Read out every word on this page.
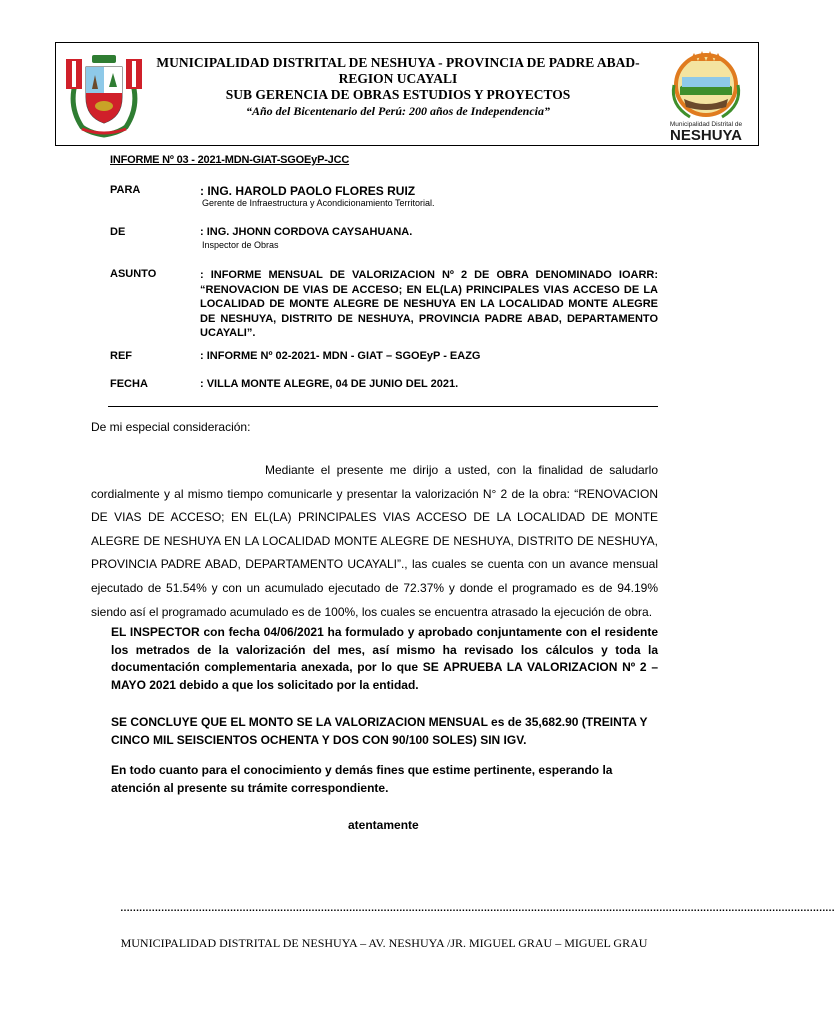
MUNICIPALIDAD DISTRITAL DE NESHUYA - PROVINCIA DE PADRE ABAD-
REGION UCAYALI
SUB GERENCIA DE OBRAS ESTUDIOS Y PROYECTOS
“Año del Bicentenario del Perú: 200 años de Independencia”
Municipalidad Distrital de
NESHUYA
INFORME Nº 03 - 2021-MDN-GIAT-SGOEyP-JCC
PARA	: ING. HAROLD PAOLO FLORES RUIZ
Gerente de Infraestructura y Acondicionamiento Territorial.
DE	: ING. JHONN CORDOVA CAYSAHUANA.
Inspector de Obras
ASUNTO	: INFORME MENSUAL DE VALORIZACION Nº 2 DE OBRA DENOMINADO IOARR: “RENOVACION DE VIAS DE ACCESO; EN EL(LA) PRINCIPALES VIAS ACCESO DE LA LOCALIDAD DE MONTE ALEGRE DE NESHUYA EN LA LOCALIDAD MONTE ALEGRE DE NESHUYA, DISTRITO DE NESHUYA, PROVINCIA PADRE ABAD, DEPARTAMENTO UCAYALI”.
REF	: INFORME Nº 02-2021- MDN - GIAT – SGOEyP - EAZG
FECHA	: VILLA MONTE ALEGRE, 04 DE JUNIO DEL 2021.
De mi especial consideración:
Mediante el presente me dirijo a usted, con la finalidad de saludarlo cordialmente y al mismo tiempo comunicarle y presentar la valorización N° 2 de la obra: “RENOVACION DE VIAS DE ACCESO; EN EL(LA) PRINCIPALES VIAS ACCESO DE LA LOCALIDAD DE MONTE ALEGRE DE NESHUYA EN LA LOCALIDAD MONTE ALEGRE DE NESHUYA, DISTRITO DE NESHUYA, PROVINCIA PADRE ABAD, DEPARTAMENTO UCAYALI”., las cuales se cuenta con un avance mensual ejecutado de 51.54% y con un acumulado ejecutado de 72.37% y donde el programado es de 94.19% siendo así el programado acumulado es de 100%, los cuales se encuentra atrasado la ejecución de obra.
EL INSPECTOR con fecha 04/06/2021 ha formulado y aprobado conjuntamente con el residente los metrados de la valorización del mes, así mismo ha revisado los cálculos y toda la documentación complementaria anexada, por lo que SE APRUEBA LA VALORIZACION Nº 2 – MAYO 2021 debido a que los solicitado por la entidad.
SE CONCLUYE QUE EL MONTO SE LA VALORIZACION MENSUAL es de 35,682.90 (TREINTA Y CINCO MIL SEISCIENTOS OCHENTA Y DOS CON 90/100 SOLES) SIN IGV.
En todo cuanto para el conocimiento y demás fines que estime pertinente, esperando la atención al presente su trámite correspondiente.
atentamente
…………………………………………………………………………………………………………………………………………………………………………………………………………
MUNICIPALIDAD DISTRITAL DE NESHUYA – AV. NESHUYA /JR. MIGUEL GRAU – MIGUEL GRAU
